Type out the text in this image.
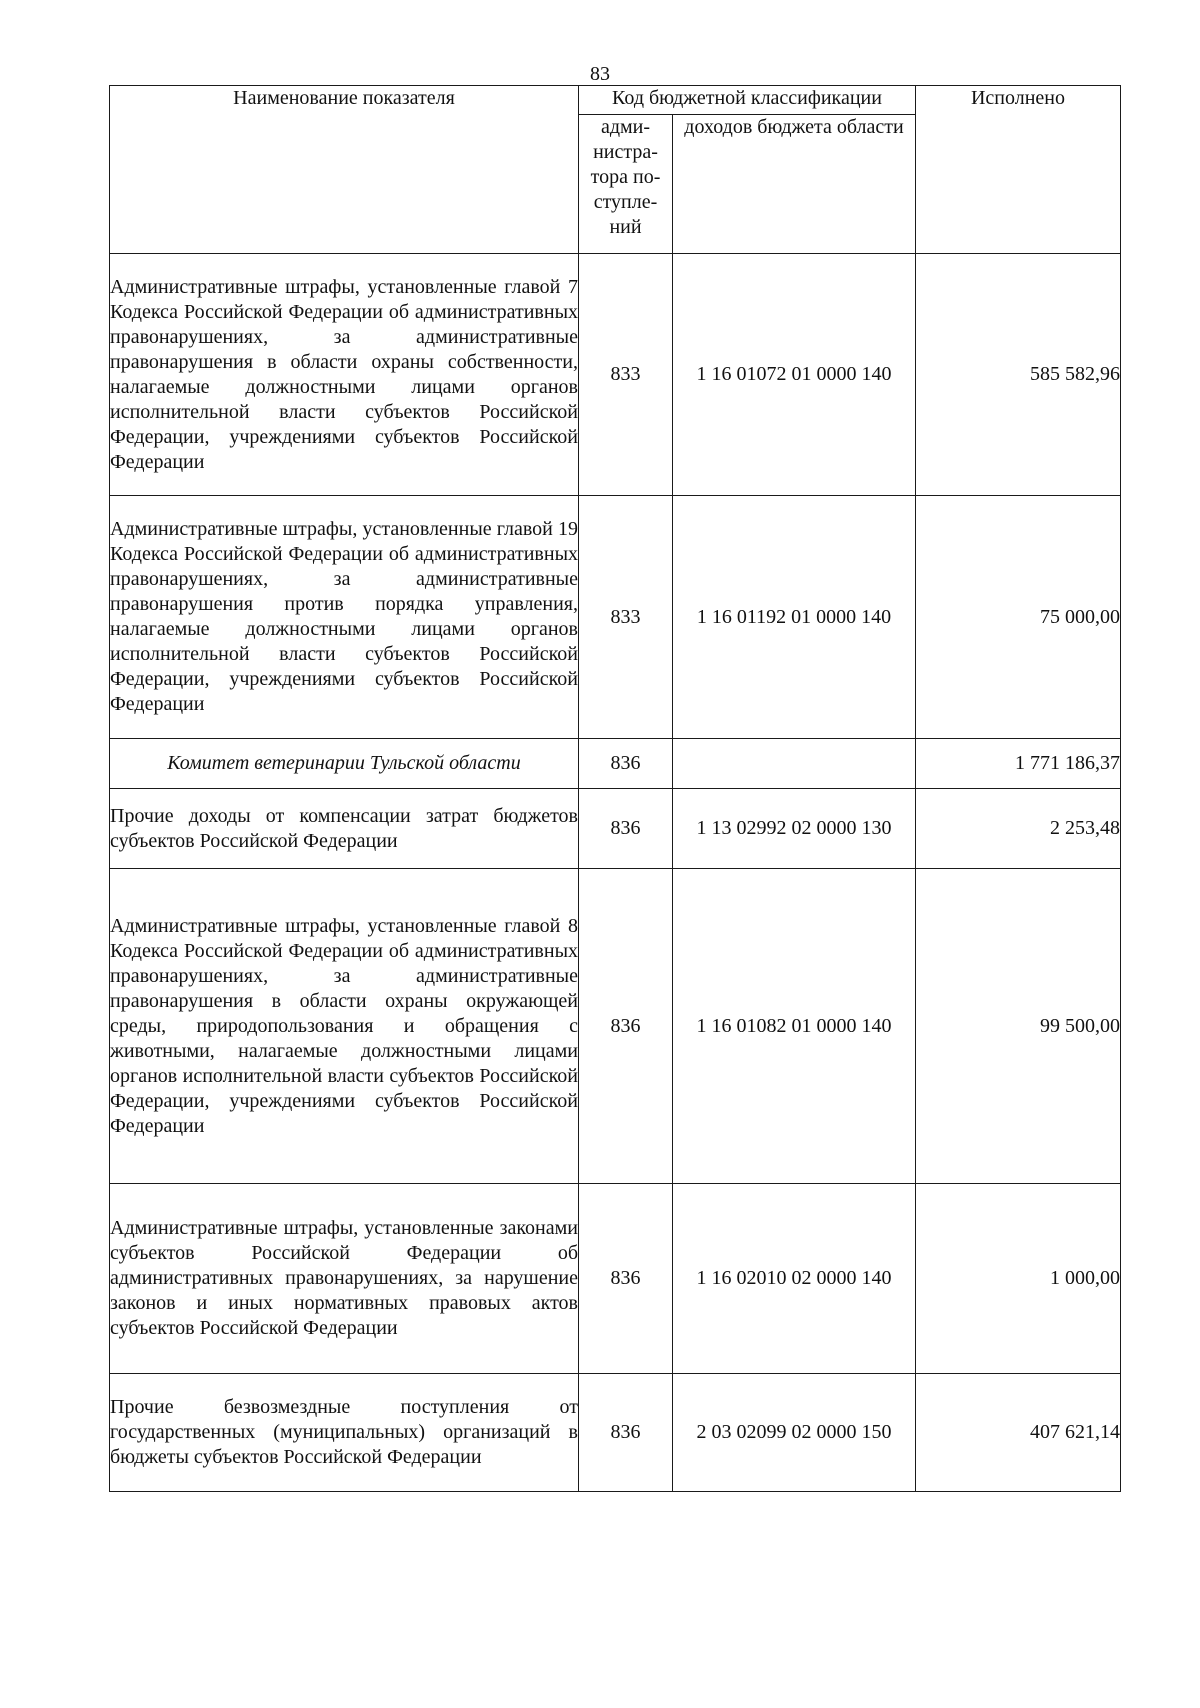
83
Наименование показателя	Код бюджетной классификации		Исполнено
	адми-нистра-тора по-ступле-ний	доходов бюджета области	
Административные штрафы, установленные главой 7 Кодекса Российской Федерации об административных правонарушениях, за административные правонарушения в области охраны собственности, налагаемые должностными лицами органов исполнительной власти субъектов Российской Федерации, учреждениями субъектов Российской Федерации	833	1 16 01072 01 0000 140	585 582,96
Административные штрафы, установленные главой 19 Кодекса Российской Федерации об административных правонарушениях, за административные правонарушения против порядка управления, налагаемые должностными лицами органов исполнительной власти субъектов Российской Федерации, учреждениями субъектов Российской Федерации	833	1 16 01192 01 0000 140	75 000,00
Комитет ветеринарии Тульской области	836		1 771 186,37
Прочие доходы от компенсации затрат бюджетов субъектов Российской Федерации	836	1 13 02992 02 0000 130	2 253,48
Административные штрафы, установленные главой 8 Кодекса Российской Федерации об административных правонарушениях, за административные правонарушения в области охраны окружающей среды, природопользования и обращения с животными, налагаемые должностными лицами органов исполнительной власти субъектов Российской Федерации, учреждениями субъектов Российской Федерации	836	1 16 01082 01 0000 140	99 500,00
Административные штрафы, установленные законами субъектов Российской Федерации об административных правонарушениях, за нарушение законов и иных нормативных правовых актов субъектов Российской Федерации	836	1 16 02010 02 0000 140	1 000,00
Прочие безвозмездные поступления от государственных (муниципальных) организаций в бюджеты субъектов Российской Федерации	836	2 03 02099 02 0000 150	407 621,14
